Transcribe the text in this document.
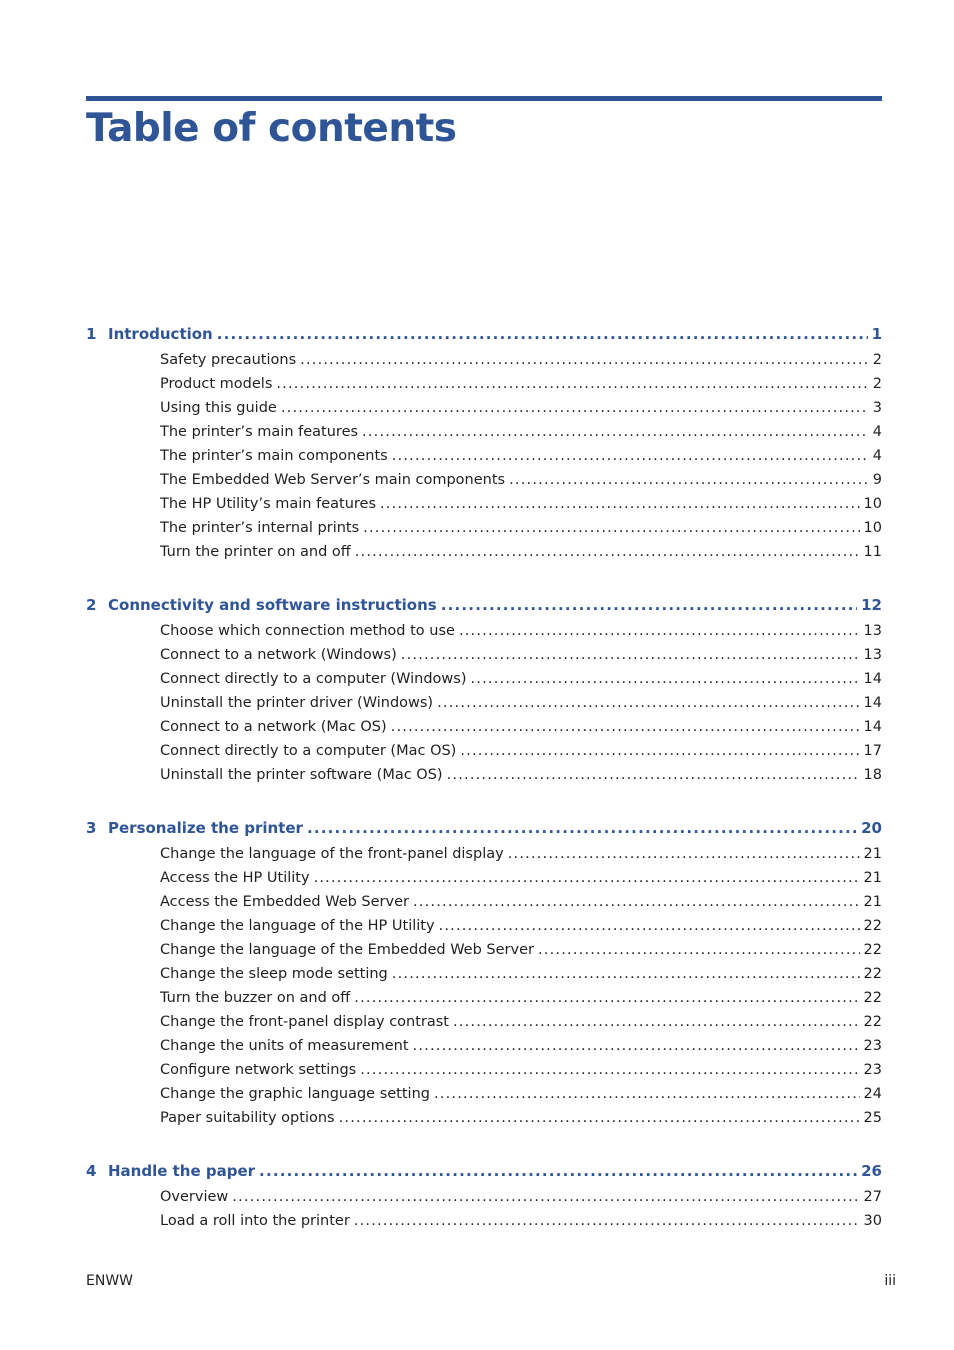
Table of contents
1 Introduction .....	1
Safety precautions .....	2
Product models .....	2
Using this guide .....	3
The printer’s main features .....	4
The printer’s main components .....	4
The Embedded Web Server’s main components .....	9
The HP Utility’s main features .....	10
The printer’s internal prints .....	10
Turn the printer on and off .....	11
2 Connectivity and software instructions .....	12
Choose which connection method to use .....	13
Connect to a network (Windows) .....	13
Connect directly to a computer (Windows) .....	14
Uninstall the printer driver (Windows) .....	14
Connect to a network (Mac OS) .....	14
Connect directly to a computer (Mac OS) .....	17
Uninstall the printer software (Mac OS) .....	18
3 Personalize the printer .....	20
Change the language of the front-panel display .....	21
Access the HP Utility .....	21
Access the Embedded Web Server .....	21
Change the language of the HP Utility .....	22
Change the language of the Embedded Web Server .....	22
Change the sleep mode setting .....	22
Turn the buzzer on and off .....	22
Change the front-panel display contrast .....	22
Change the units of measurement .....	23
Configure network settings .....	23
Change the graphic language setting .....	24
Paper suitability options .....	25
4 Handle the paper .....	26
Overview .....	27
Load a roll into the printer .....	30
ENWW	iii
